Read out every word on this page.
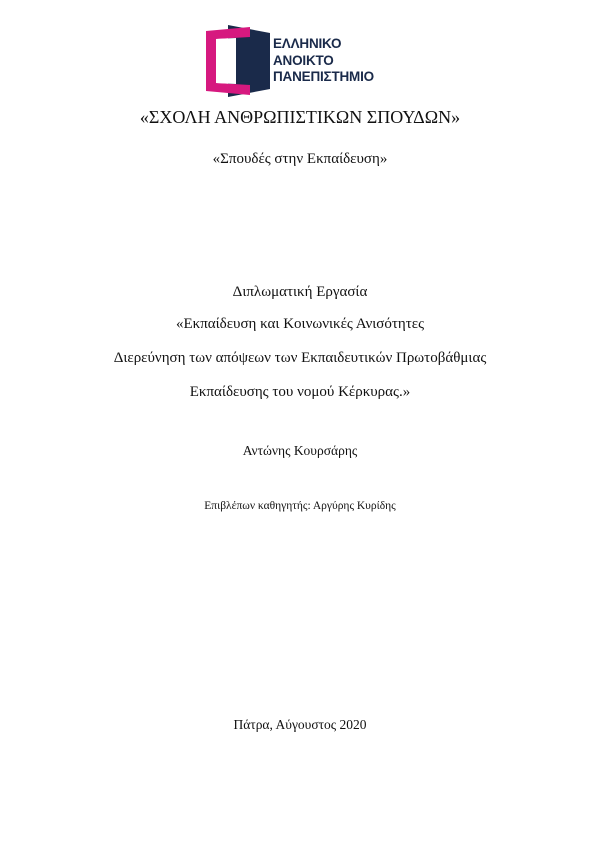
ΕΛΛΗΝΙΚΟ
ΑΝΟΙΚΤΟ
ΠΑΝΕΠΙΣΤΗΜΙΟ
«ΣΧΟΛΗ ΑΝΘΡΩΠΙΣΤΙΚΩΝ ΣΠΟΥΔΩΝ»
«Σπουδές στην Εκπαίδευση»
Διπλωματική Εργασία
«Εκπαίδευση και Κοινωνικές Ανισότητες
Διερεύνηση των απόψεων των Εκπαιδευτικών Πρωτοβάθμιας
Εκπαίδευσης του νομού Κέρκυρας.»
Αντώνης Κουρσάρης
Επιβλέπων καθηγητής: Αργύρης Κυρίδης
Πάτρα, Αύγουστος 2020
